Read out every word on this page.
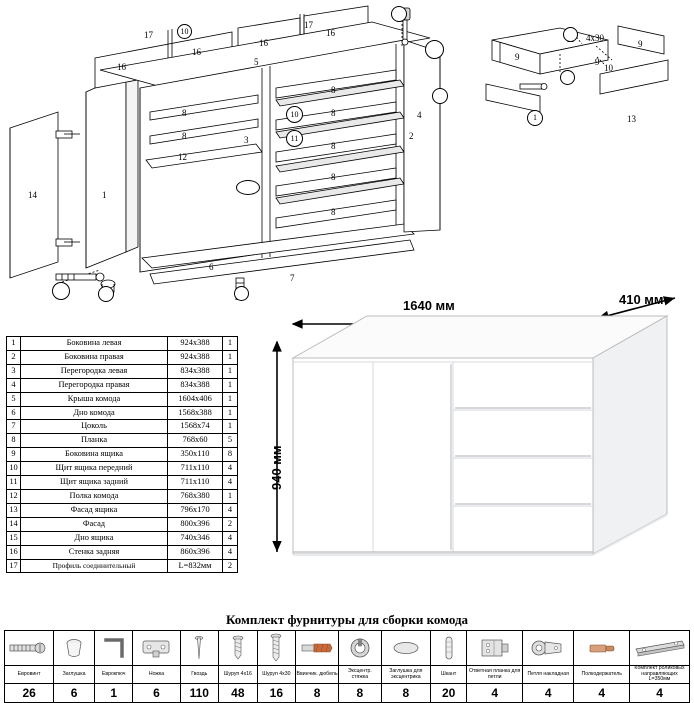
17
16
16
16
17
16
5
8
8
8
8
8
8
8
3
12
14	1
6
7
2
4
9
9
9
13
4x30
10
10
10
11
1
1	Боковина левая	924x388	1
2	Боковина правая	924x388	1
3	Перегородка левая	834x388	1
4	Перегородка правая	834x388	1
5	Крыша комода	1604x406	1
6	Дно комода	1568x388	1
7	Цоколь	1568x74	1
8	Планка	768x60	5
9	Боковина ящика	350x110	8
10	Щит ящика передний	711x110	4
11	Щит ящика задний	711x110	4
12	Полка комода	768x380	1
13	Фасад ящика	796x170	4
14	Фасад	800x396	2
15	Дно ящика	740x346	4
16	Стенка задняя	860x396	4
17	Профиль соединительный	L=832мм	2
1640 мм	410 мм
940 мм
Комплект фурнитуры для сборки комода

Евровинт	Заглушка	Еврокпюч	Ножка	Гвоздь	Шуруп 4х16	Шуруп 4х30	Ввинчик. дюбель	Эксцентр. стяжка	Заглушка для эксцентрика	Шкант	Ответная планка для петли	Петля накладная	Полкодержатель	Комплект роликовых направляющих L=350мм
26	6	1	6	110	48	16	8	8	8	20	4	4	4	4
